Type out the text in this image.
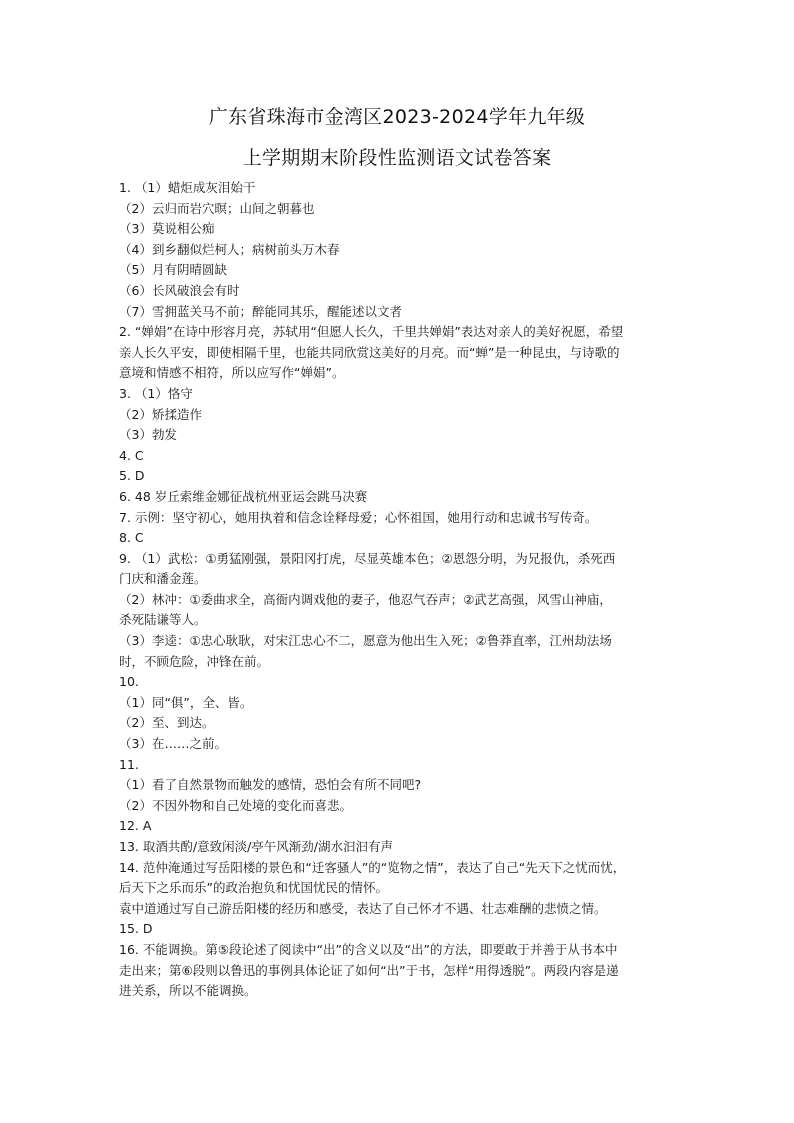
广东省珠海市金湾区2023-2024学年九年级
上学期期末阶段性监测语文试卷答案
1. （1）蜡炬成灰泪始干
（2）云归而岩穴暝；山间之朝暮也
（3）莫说相公痴
（4）到乡翻似烂柯人；病树前头万木春
（5）月有阴晴圆缺
（6）长风破浪会有时
（7）雪拥蓝关马不前；醉能同其乐，醒能述以文者
2. “婵娟”在诗中形容月亮，苏轼用“但愿人长久，千里共婵娟”表达对亲人的美好祝愿，希望
亲人长久平安，即使相隔千里，也能共同欣赏这美好的月亮。而“蝉”是一种昆虫，与诗歌的
意境和情感不相符，所以应写作“婵娟”。
3. （1）恪守
（2）矫揉造作
（3）勃发
4. C
5. D
6. 48 岁丘索维金娜征战杭州亚运会跳马决赛
7. 示例：坚守初心，她用执着和信念诠释母爱；心怀祖国，她用行动和忠诚书写传奇。
8. C
9. （1）武松：①勇猛刚强，景阳冈打虎，尽显英雄本色；②恩怨分明，为兄报仇，杀死西
门庆和潘金莲。
（2）林冲：①委曲求全，高衙内调戏他的妻子，他忍气吞声；②武艺高强，风雪山神庙，
杀死陆谦等人。
（3）李逵：①忠心耿耿，对宋江忠心不二，愿意为他出生入死；②鲁莽直率，江州劫法场
时，不顾危险，冲锋在前。
10.
（1）同“俱”，全、皆。
（2）至、到达。
（3）在……之前。
11.
（1）看了自然景物而触发的感情，恐怕会有所不同吧?
（2）不因外物和自己处境的变化而喜悲。
12. A
13. 取酒共酌/意致闲淡/亭午风渐劲/湖水汩汩有声
14. 范仲淹通过写岳阳楼的景色和“迁客骚人”的“览物之情”，表达了自己“先天下之忧而忧，
后天下之乐而乐”的政治抱负和忧国忧民的情怀。
袁中道通过写自己游岳阳楼的经历和感受，表达了自己怀才不遇、壮志难酬的悲愤之情。
15. D
16. 不能调换。第⑤段论述了阅读中“出”的含义以及“出”的方法，即要敢于并善于从书本中
走出来；第⑥段则以鲁迅的事例具体论证了如何“出”于书，怎样“用得透脱”。两段内容是递
进关系，所以不能调换。
